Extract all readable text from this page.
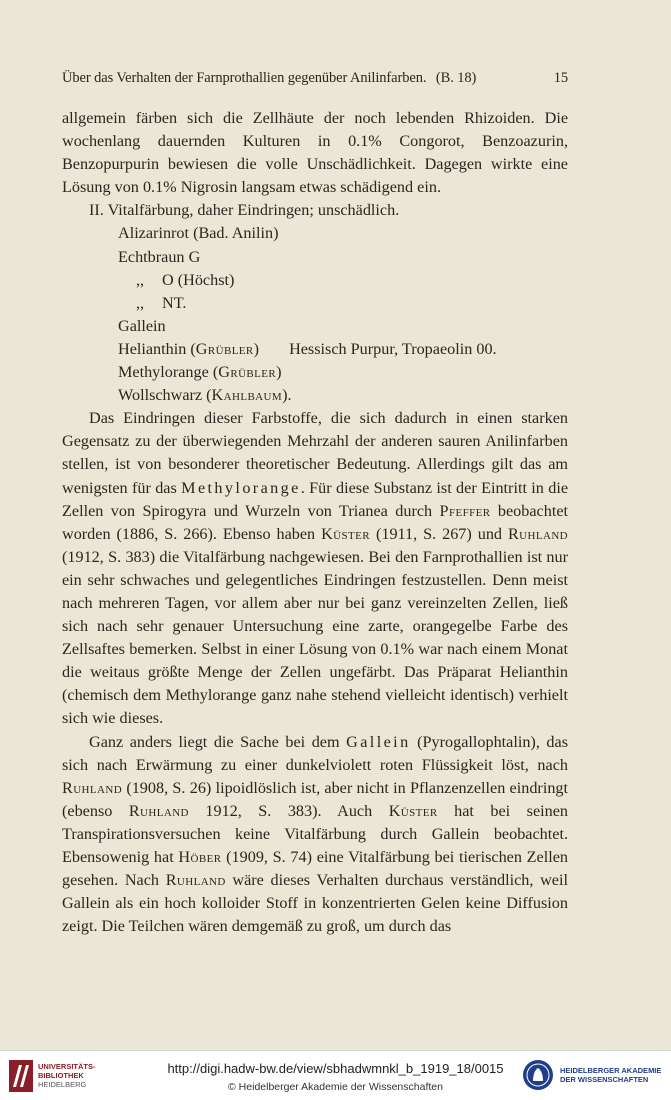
Über das Verhalten der Farnprothallien gegenüber Anilinfarben. (B. 18)	15

allgemein färben sich die Zellhäute der noch lebenden Rhizoiden. Die wochenlang dauernden Kulturen in 0.1% Congorot, Benzoazurin, Benzopurpurin bewiesen die volle Unschädlichkeit. Dagegen wirkte eine Lösung von 0.1% Nigrosin langsam etwas schädigend ein.

II. Vitalfärbung, daher Eindringen; unschädlich.
Alizarinrot (Bad. Anilin)
Echtbraun G
,, O (Höchst)
,, NT.
Gallein
Helianthin (Grübler) Hessisch Purpur, Tropaeolin 00.
Methylorange (Grübler)
Wollschwarz (Kahlbaum).

Das Eindringen dieser Farbstoffe, die sich dadurch in einen starken Gegensatz zu der überwiegenden Mehrzahl der anderen sauren Anilinfarben stellen, ist von besonderer theoretischer Bedeutung. Allerdings gilt das am wenigsten für das Methylorange. Für diese Substanz ist der Eintritt in die Zellen von Spirogyra und Wurzeln von Trianea durch Pfeffer beobachtet worden (1886, S. 266). Ebenso haben Küster (1911, S. 267) und Ruhland (1912, S. 383) die Vitalfärbung nachgewiesen. Bei den Farnprothallien ist nur ein sehr schwaches und gelegentliches Eindringen festzustellen. Denn meist nach mehreren Tagen, vor allem aber nur bei ganz vereinzelten Zellen, ließ sich nach sehr genauer Untersuchung eine zarte, orangegelbe Farbe des Zellsaftes bemerken. Selbst in einer Lösung von 0.1% war nach einem Monat die weitaus größte Menge der Zellen ungefärbt. Das Präparat Helianthin (chemisch dem Methylorange ganz nahe stehend vielleicht identisch) verhielt sich wie dieses.

Ganz anders liegt die Sache bei dem Gallein (Pyrogallophtalin), das sich nach Erwärmung zu einer dunkelviolett roten Flüssigkeit löst, nach Ruhland (1908, S. 26) lipoidlöslich ist, aber nicht in Pflanzenzellen eindringt (ebenso Ruhland 1912, S. 383). Auch Küster hat bei seinen Transpirationsversuchen keine Vitalfärbung durch Gallein beobachtet. Ebensowenig hat Höber (1909, S. 74) eine Vitalfärbung bei tierischen Zellen gesehen. Nach Ruhland wäre dieses Verhalten durchaus verständlich, weil Gallein als ein hoch kolloider Stoff in konzentrierten Gelen keine Diffusion zeigt. Die Teilchen wären demgemäß zu groß, um durch das

UNIVERSITÄTS-
BIBLIOTHEK
HEIDELBERG
http://digi.hadw-bw.de/view/sbhadwmnkl_b_1919_18/0015
© Heidelberger Akademie der Wissenschaften
HEIDELBERGER AKADEMIE
DER WISSENSCHAFTEN
